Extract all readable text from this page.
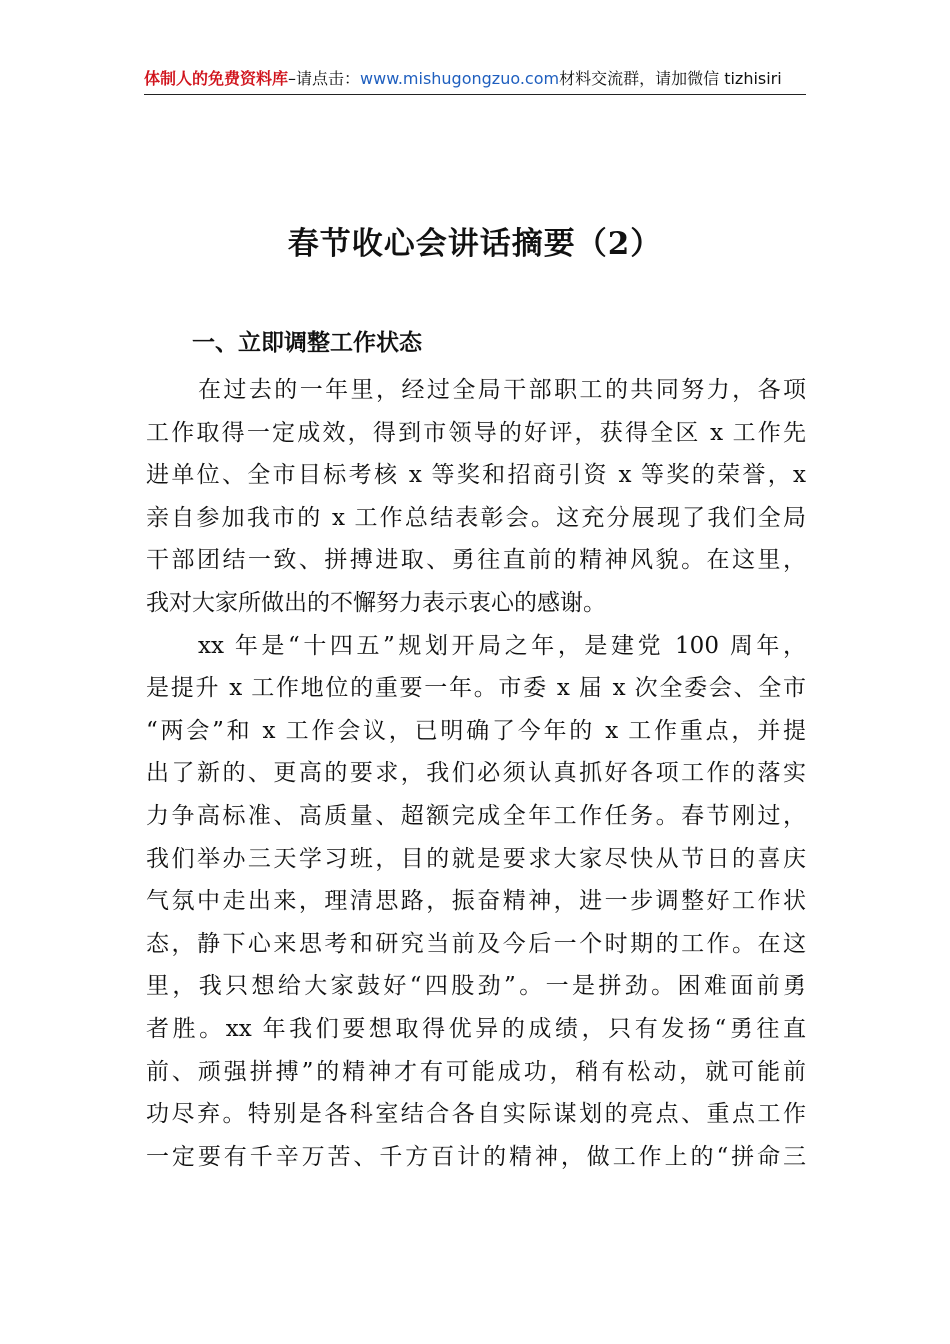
体制人的免费资料库–请点击：www.mishugongzuo.com材料交流群，请加微信 tizhisiri
春节收心会讲话摘要（2）
一、立即调整工作状态
在过去的一年里，经过全局干部职工的共同努力，各项
工作取得一定成效，得到市领导的好评，获得全区 x 工作先
进单位、全市目标考核 x 等奖和招商引资 x 等奖的荣誉，x
亲自参加我市的 x 工作总结表彰会。这充分展现了我们全局
干部团结一致、拼搏进取、勇往直前的精神风貌。在这里，
我对大家所做出的不懈努力表示衷心的感谢。
xx 年是“十四五”规划开局之年，是建党 100 周年，
是提升 x 工作地位的重要一年。市委 x 届 x 次全委会、全市
“两会”和 x 工作会议，已明确了今年的 x 工作重点，并提
出了新的、更高的要求，我们必须认真抓好各项工作的落实
力争高标准、高质量、超额完成全年工作任务。春节刚过，
我们举办三天学习班，目的就是要求大家尽快从节日的喜庆
气氛中走出来，理清思路，振奋精神，进一步调整好工作状
态，静下心来思考和研究当前及今后一个时期的工作。在这
里，我只想给大家鼓好“四股劲”。一是拼劲。困难面前勇
者胜。xx 年我们要想取得优异的成绩，只有发扬“勇往直
前、顽强拼搏”的精神才有可能成功，稍有松动，就可能前
功尽弃。特别是各科室结合各自实际谋划的亮点、重点工作
一定要有千辛万苦、千方百计的精神，做工作上的“拼命三
